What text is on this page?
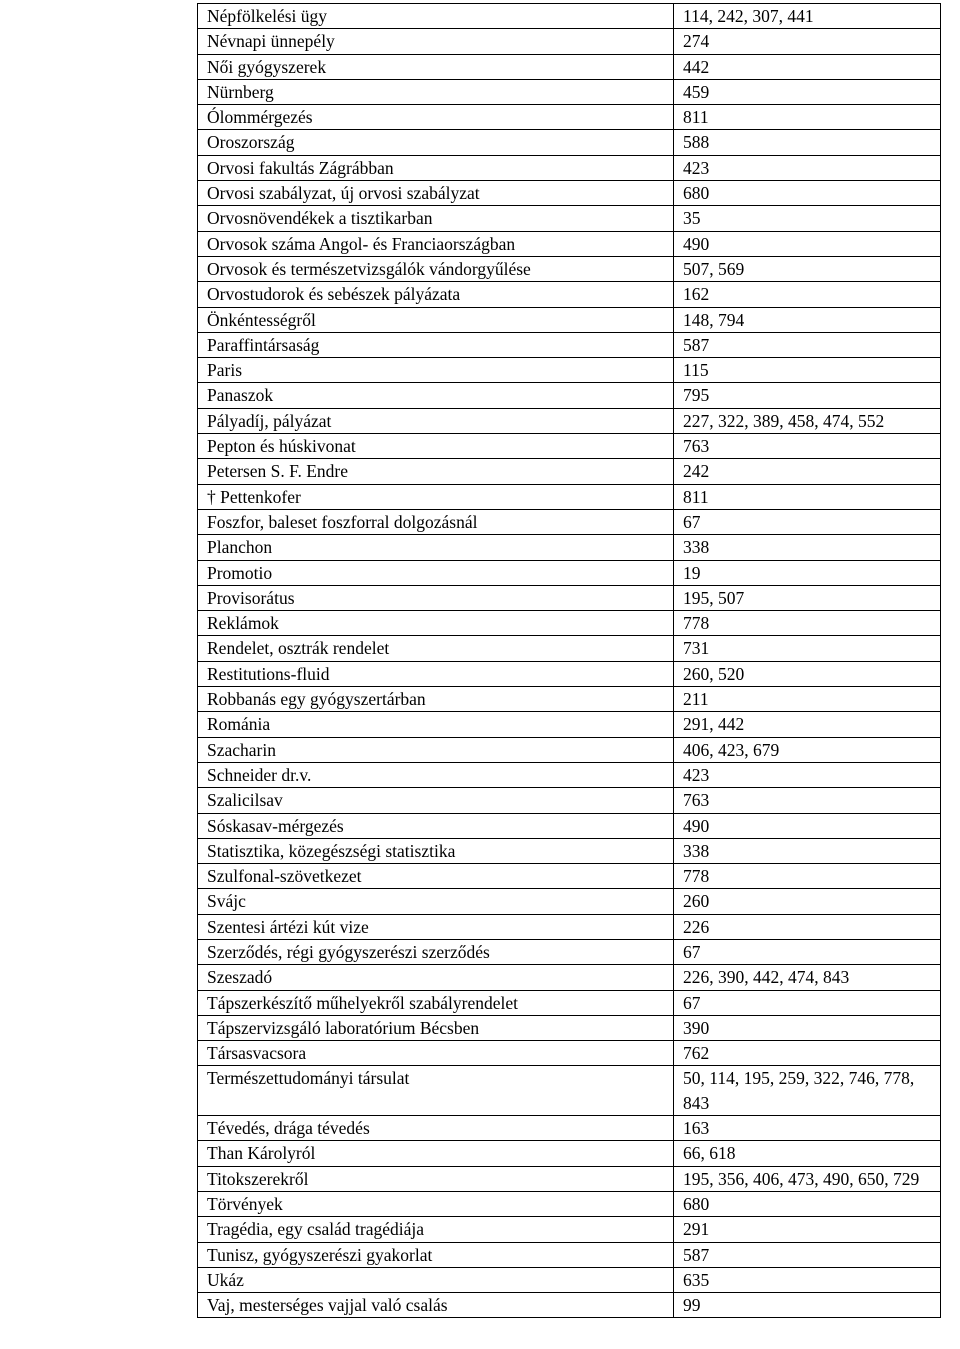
Népfölkelési ügy	114, 242, 307, 441
Névnapi ünnepély	274
Női gyógyszerek	442
Nürnberg	459
Ólommérgezés	811
Oroszország	588
Orvosi fakultás Zágrábban	423
Orvosi szabályzat, új orvosi szabályzat	680
Orvosnövendékek a tisztikarban	35
Orvosok száma Angol- és Franciaországban	490
Orvosok és természetvizsgálók vándorgyűlése	507, 569
Orvostudorok és sebészek pályázata	162
Önkéntességről	148, 794
Paraffintársaság	587
Paris	115
Panaszok	795
Pályadíj, pályázat	227, 322, 389, 458, 474, 552
Pepton és húskivonat	763
Petersen S. F. Endre	242
† Pettenkofer	811
Foszfor, baleset foszforral dolgozásnál	67
Planchon	338
Promotio	19
Provisorátus	195, 507
Reklámok	778
Rendelet, osztrák rendelet	731
Restitutions-fluid	260, 520
Robbanás egy gyógyszertárban	211
Románia	291, 442
Szacharin	406, 423, 679
Schneider dr.v.	423
Szalicilsav	763
Sóskasav-mérgezés	490
Statisztika, közegészségi statisztika	338
Szulfonal-szövetkezet	778
Svájc	260
Szentesi ártézi kút vize	226
Szerződés, régi gyógyszerészi szerződés	67
Szeszadó	226, 390, 442, 474, 843
Tápszerkészítő műhelyekről szabályrendelet	67
Tápszervizsgáló laboratórium Bécsben	390
Társasvacsora	762
Természettudományi társulat	50, 114, 195, 259, 322, 746, 778, 843
Tévedés, drága tévedés	163
Than Károlyról	66, 618
Titokszerekről	195, 356, 406, 473, 490, 650, 729
Törvények	680
Tragédia, egy család tragédiája	291
Tunisz, gyógyszerészi gyakorlat	587
Ukáz	635
Vaj, mesterséges vajjal való csalás	99
